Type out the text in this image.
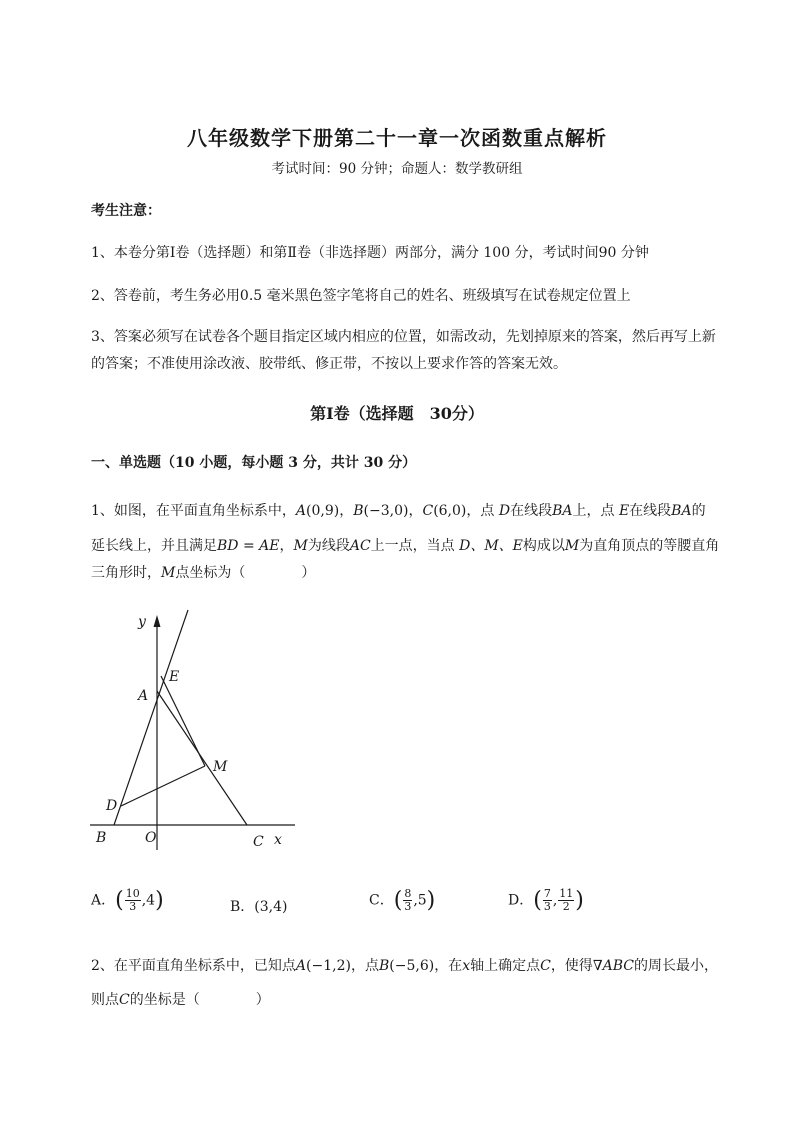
八年级数学下册第二十一章一次函数重点解析
考试时间：90 分钟；命题人：数学教研组
考生注意：
1、本卷分第Ⅰ卷（选择题）和第Ⅱ卷（非选择题）两部分，满分 100 分，考试时间90 分钟
2、答卷前，考生务必用0.5 毫米黑色签字笔将自己的姓名、班级填写在试卷规定位置上
3、答案必须写在试卷各个题目指定区域内相应的位置，如需改动，先划掉原来的答案，然后再写上新
的答案；不准使用涂改液、胶带纸、修正带，不按以上要求作答的答案无效。
第Ⅰ卷（选择题　30分）
一、单选题（10 小题，每小题 3 分，共计 30 分）
1、如图，在平面直角坐标系中，A(0,9)，B(−3,0)，C(6,0)，点 D在线段BA上，点 E在线段BA的
延长线上，并且满足BD = AE，M为线段AC上一点，当点 D、M、E构成以M为直角顶点的等腰直角
三角形时，M点坐标为（　　　　）
y
x
A
E
M
D
B	O	C
A．( $\frac{10}{3} ,4$)	B．(3,4)	C．( $\frac{8}{3} ,5$)	D．( $\frac{7}{3}$ , $\frac{11}{2}$ )
2、在平面直角坐标系中，已知点A(−1,2)，点B(−5,6)，在x轴上确定点C，使得∇ABC的周长最小，
则点C的坐标是（　　　　）
